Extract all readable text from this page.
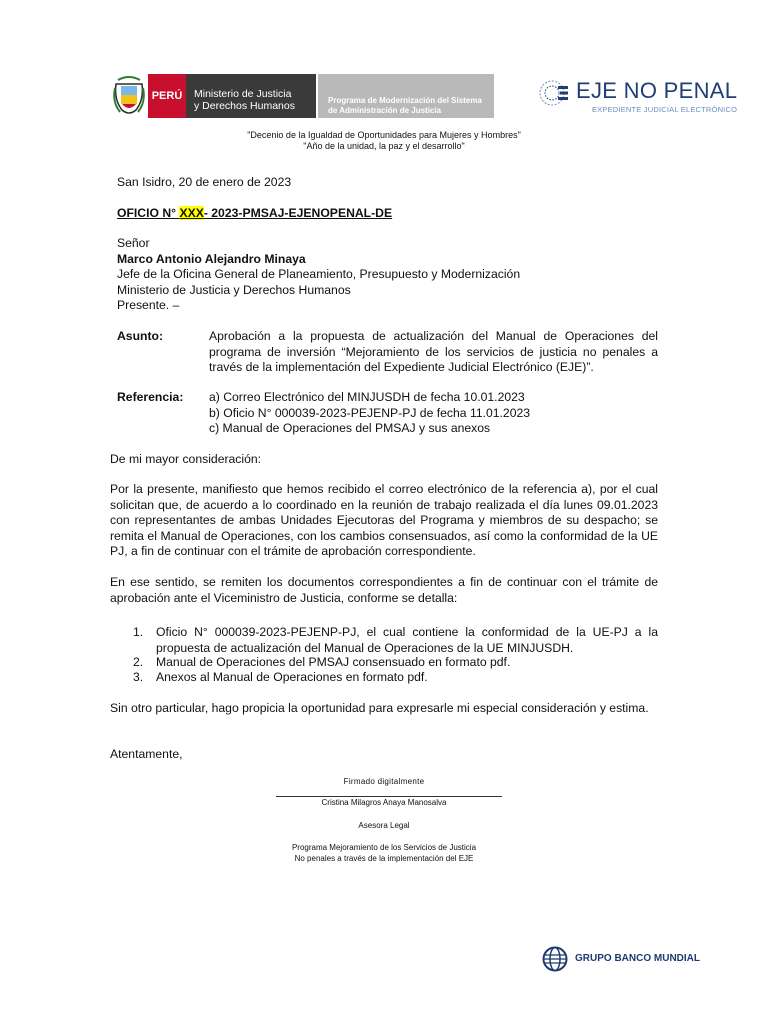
PERÚ	Ministerio de Justicia
y Derechos Humanos	Programa de Modernización del Sistema
de Administración de Justicia
EJE NO PENAL
EXPEDIENTE JUDICIAL ELECTRÓNICO
"Decenio de la Igualdad de Oportunidades para Mujeres y Hombres"
"Año de la unidad, la paz y el desarrollo"
San Isidro, 20 de enero de 2023
OFICIO N° XXX- 2023-PMSAJ-EJENOPENAL-DE
Señor
Marco Antonio Alejandro Minaya
Jefe de la Oficina General de Planeamiento, Presupuesto y Modernización
Ministerio de Justicia y Derechos Humanos
Presente. –
Asunto:	Aprobación a la propuesta de actualización del Manual de Operaciones del programa de inversión “Mejoramiento de los servicios de justicia no penales a través de la implementación del Expediente Judicial Electrónico (EJE)”.
Referencia: a) Correo Electrónico del MINJUSDH de fecha 10.01.2023
b) Oficio N° 000039-2023-PEJENP-PJ de fecha 11.01.2023
c) Manual de Operaciones del PMSAJ y sus anexos
De mi mayor consideración:
Por la presente, manifiesto que hemos recibido el correo electrónico de la referencia a), por el cual solicitan que, de acuerdo a lo coordinado en la reunión de trabajo realizada el día lunes 09.01.2023 con representantes de ambas Unidades Ejecutoras del Programa y miembros de su despacho; se remita el Manual de Operaciones, con los cambios consensuados, así como la conformidad de la UE PJ, a fin de continuar con el trámite de aprobación correspondiente.
En ese sentido, se remiten los documentos correspondientes a fin de continuar con el trámite de aprobación ante el Viceministro de Justicia, conforme se detalla:
1. Oficio N° 000039-2023-PEJENP-PJ, el cual contiene la conformidad de la UE-PJ a la propuesta de actualización del Manual de Operaciones de la UE MINJUSDH.
2. Manual de Operaciones del PMSAJ consensuado en formato pdf.
3. Anexos al Manual de Operaciones en formato pdf.
Sin otro particular, hago propicia la oportunidad para expresarle mi especial consideración y estima.
Atentamente,
Firmado digitalmente
Cristina Milagros Anaya Manosalva
Asesora Legal
Programa Mejoramiento de los Servicios de Justicia
No penales a través de la implementación del EJE
GRUPO BANCO MUNDIAL
